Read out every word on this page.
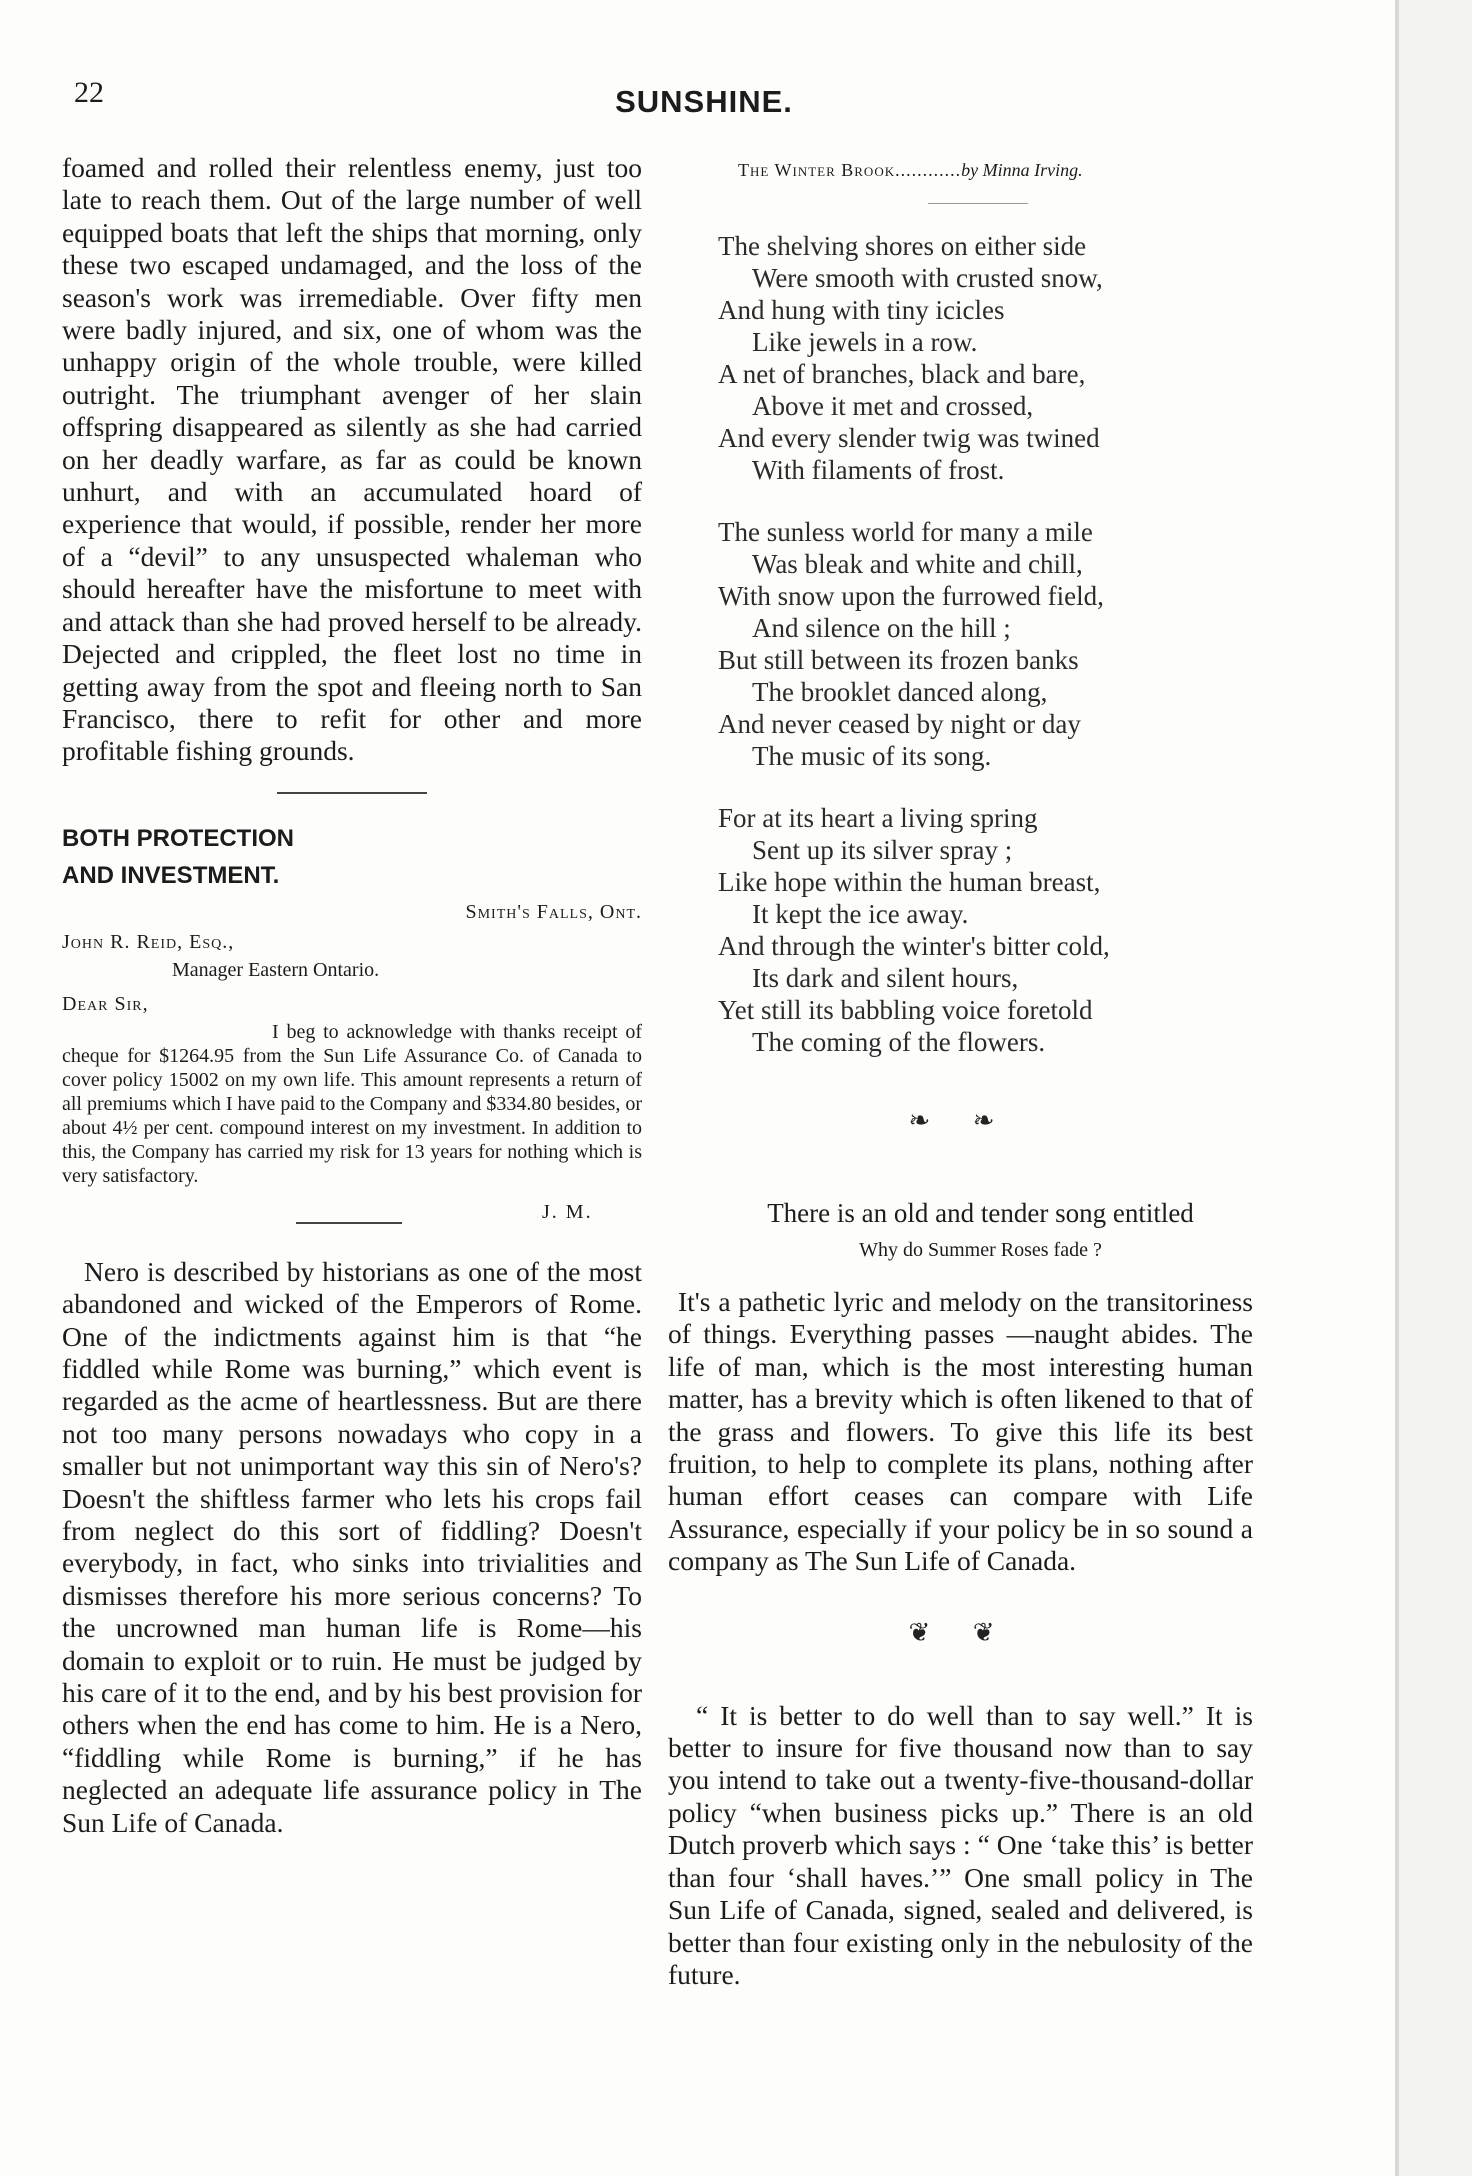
22	SUNSHINE.

foamed and rolled their relentless enemy, just too late to reach them. Out of the large number of well equipped boats that left the ships that morning, only these two escaped undamaged, and the loss of the season's work was irremediable. Over fifty men were badly injured, and six, one of whom was the unhappy origin of the whole trouble, were killed outright. The triumphant avenger of her slain offspring disappeared as silently as she had carried on her deadly warfare, as far as could be known unhurt, and with an accumulated hoard of experience that would, if possible, render her more of a “devil” to any unsuspected whaleman who should hereafter have the misfortune to meet with and attack than she had proved herself to be already. Dejected and crippled, the fleet lost no time in getting away from the spot and fleeing north to San Francisco, there to refit for other and more profitable fishing grounds.

BOTH PROTECTION

AND INVESTMENT.

Smith's Falls, Ont.

John R. Reid, Esq.,

Manager Eastern Ontario.

Dear Sir,

I beg to acknowledge with thanks receipt of cheque for $1264.95 from the Sun Life Assurance Co. of Canada to cover policy 15002 on my own life. This amount represents a return of all premiums which I have paid to the Company and $334.80 besides, or about 4½ per cent. compound interest on my investment. In addition to this, the Company has carried my risk for 13 years for nothing which is very satisfactory.

J. M.

Nero is described by historians as one of the most abandoned and wicked of the Emperors of Rome. One of the indictments against him is that “he fiddled while Rome was burning,” which event is regarded as the acme of heartlessness. But are there not too many persons nowadays who copy in a smaller but not unimportant way this sin of Nero's? Doesn't the shiftless farmer who lets his crops fail from neglect do this sort of fiddling? Doesn't everybody, in fact, who sinks into trivialities and dismisses therefore his more serious concerns? To the uncrowned man human life is Rome—his domain to exploit or to ruin. He must be judged by his care of it to the end, and by his best provision for others when the end has come to him. He is a Nero, “fiddling while Rome is burning,” if he has neglected an adequate life assurance policy in The Sun Life of Canada.

The Winter Brook............by Minna Irving.

The shelving shores on either side

Were smooth with crusted snow,

And hung with tiny icicles

Like jewels in a row.

A net of branches, black and bare,

Above it met and crossed,

And every slender twig was twined

With filaments of frost.

The sunless world for many a mile

Was bleak and white and chill,

With snow upon the furrowed field,

And silence on the hill ;

But still between its frozen banks

The brooklet danced along,

And never ceased by night or day

The music of its song.

For at its heart a living spring

Sent up its silver spray ;

Like hope within the human breast,

It kept the ice away.

And through the winter's bitter cold,

Its dark and silent hours,

Yet still its babbling voice foretold

The coming of the flowers.

❧ ❧

There is an old and tender song entitled

Why do Summer Roses fade ?

It's a pathetic lyric and melody on the transitoriness of things. Everything passes —naught abides. The life of man, which is the most interesting human matter, has a brevity which is often likened to that of the grass and flowers. To give this life its best fruition, to help to complete its plans, nothing after human effort ceases can compare with Life Assurance, especially if your policy be in so sound a company as The Sun Life of Canada.

❦ ❦

“ It is better to do well than to say well.” It is better to insure for five thousand now than to say you intend to take out a twenty-five-thousand-dollar policy “when business picks up.” There is an old Dutch proverb which says : “ One ‘take this’ is better than four ‘shall haves.’” One small policy in The Sun Life of Canada, signed, sealed and delivered, is better than four existing only in the nebulosity of the future.
